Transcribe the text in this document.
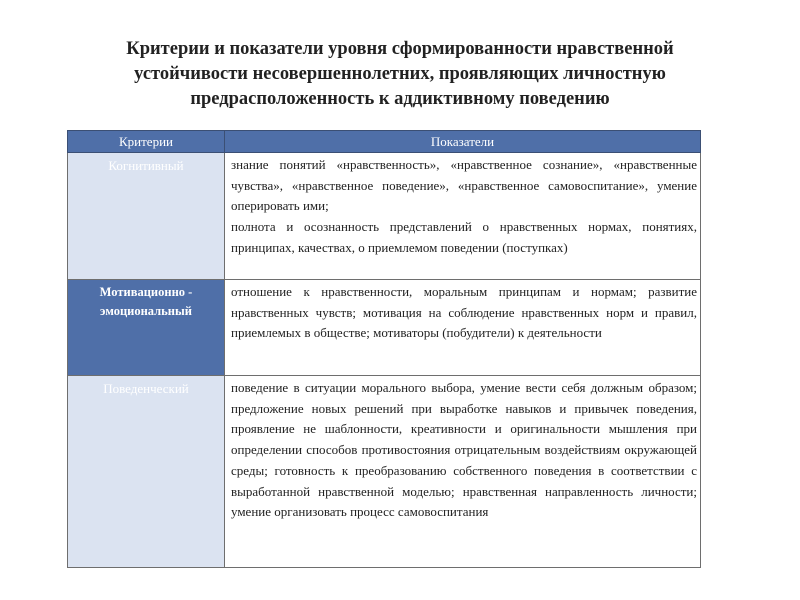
Критерии и показатели уровня сформированности нравственной
устойчивости несовершеннолетних, проявляющих личностную
предрасположенность к аддиктивному поведению
Критерии	Показатели
Когнитивный	знание понятий «нравственность», «нравственное сознание», «нравственные чувства», «нравственное поведение», «нравственное самовоспитание», умение оперировать ими;
полнота и осознанность представлений о нравственных нормах, понятиях, принципах, качествах, о приемлемом поведении (поступках)

Мотивационно - эмоциональный	отношение к нравственности, моральным принципам и нормам; развитие нравственных чувств; мотивация на соблюдение нравственных норм и правил, приемлемых в обществе; мотиваторы (побудители) к деятельности

Поведенческий	поведение в ситуации морального выбора, умение вести себя должным образом; предложение новых решений при выработке навыков и привычек поведения, проявление не шаблонности, креативности и оригинальности мышления при определении способов противостояния отрицательным воздействиям окружающей среды; готовность к преобразованию собственного поведения в соответствии с выработанной нравственной моделью; нравственная направленность личности; умение организовать процесс самовоспитания
